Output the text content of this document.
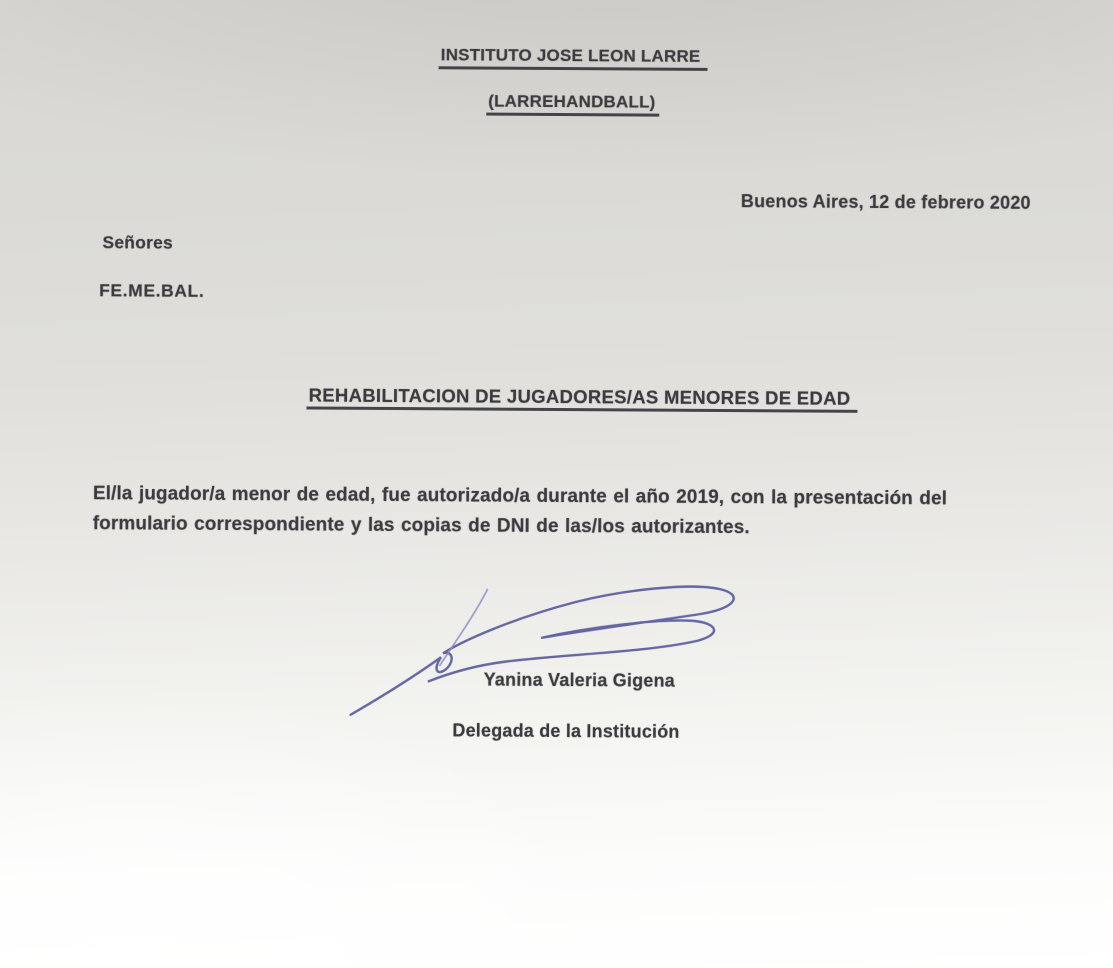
INSTITUTO JOSE LEON LARRE
(LARREHANDBALL)
Buenos Aires, 12 de febrero 2020
Señores
FE.ME.BAL.
REHABILITACION DE JUGADORES/AS MENORES DE EDAD
El/la jugador/a menor de edad, fue autorizado/a durante el año 2019, con la presentación del
formulario correspondiente y las copias de DNI de las/los autorizantes.
Yanina Valeria Gigena
Delegada de la Institución
